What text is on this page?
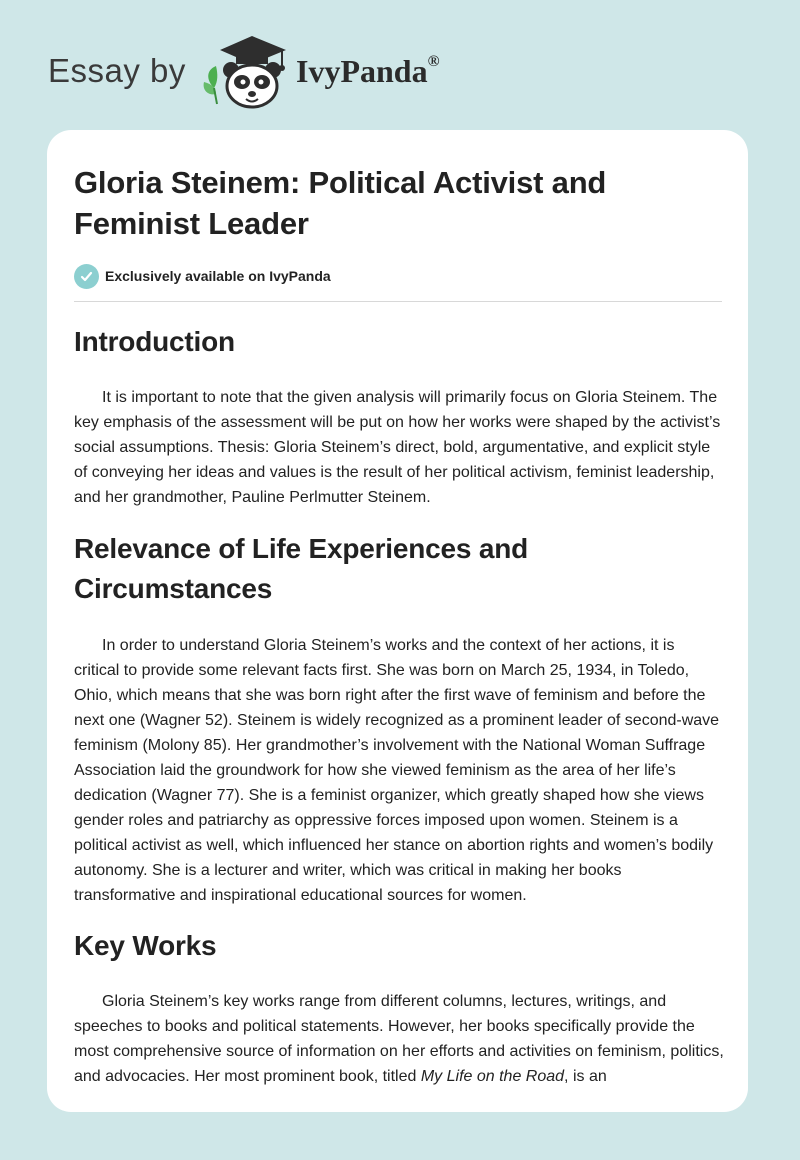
Essay by	IvyPanda®
Gloria Steinem: Political Activist and Feminist Leader
Exclusively available on IvyPanda
Introduction

It is important to note that the given analysis will primarily focus on Gloria Steinem. The key emphasis of the assessment will be put on how her works were shaped by the activist’s social assumptions. Thesis: Gloria Steinem’s direct, bold, argumentative, and explicit style of conveying her ideas and values is the result of her political activism, feminist leadership, and her grandmother, Pauline Perlmutter Steinem.

Relevance of Life Experiences and Circumstances

In order to understand Gloria Steinem’s works and the context of her actions, it is critical to provide some relevant facts first. She was born on March 25, 1934, in Toledo, Ohio, which means that she was born right after the first wave of feminism and before the next one (Wagner 52). Steinem is widely recognized as a prominent leader of second-wave feminism (Molony 85). Her grandmother’s involvement with the National Woman Suffrage Association laid the groundwork for how she viewed feminism as the area of her life’s dedication (Wagner 77). She is a feminist organizer, which greatly shaped how she views gender roles and patriarchy as oppressive forces imposed upon women. Steinem is a political activist as well, which influenced her stance on abortion rights and women’s bodily autonomy. She is a lecturer and writer, which was critical in making her books transformative and inspirational educational sources for women.

Key Works

Gloria Steinem’s key works range from different columns, lectures, writings, and speeches to books and political statements. However, her books specifically provide the most comprehensive source of information on her efforts and activities on feminism, politics, and advocacies. Her most prominent book, titled My Life on the Road, is an
